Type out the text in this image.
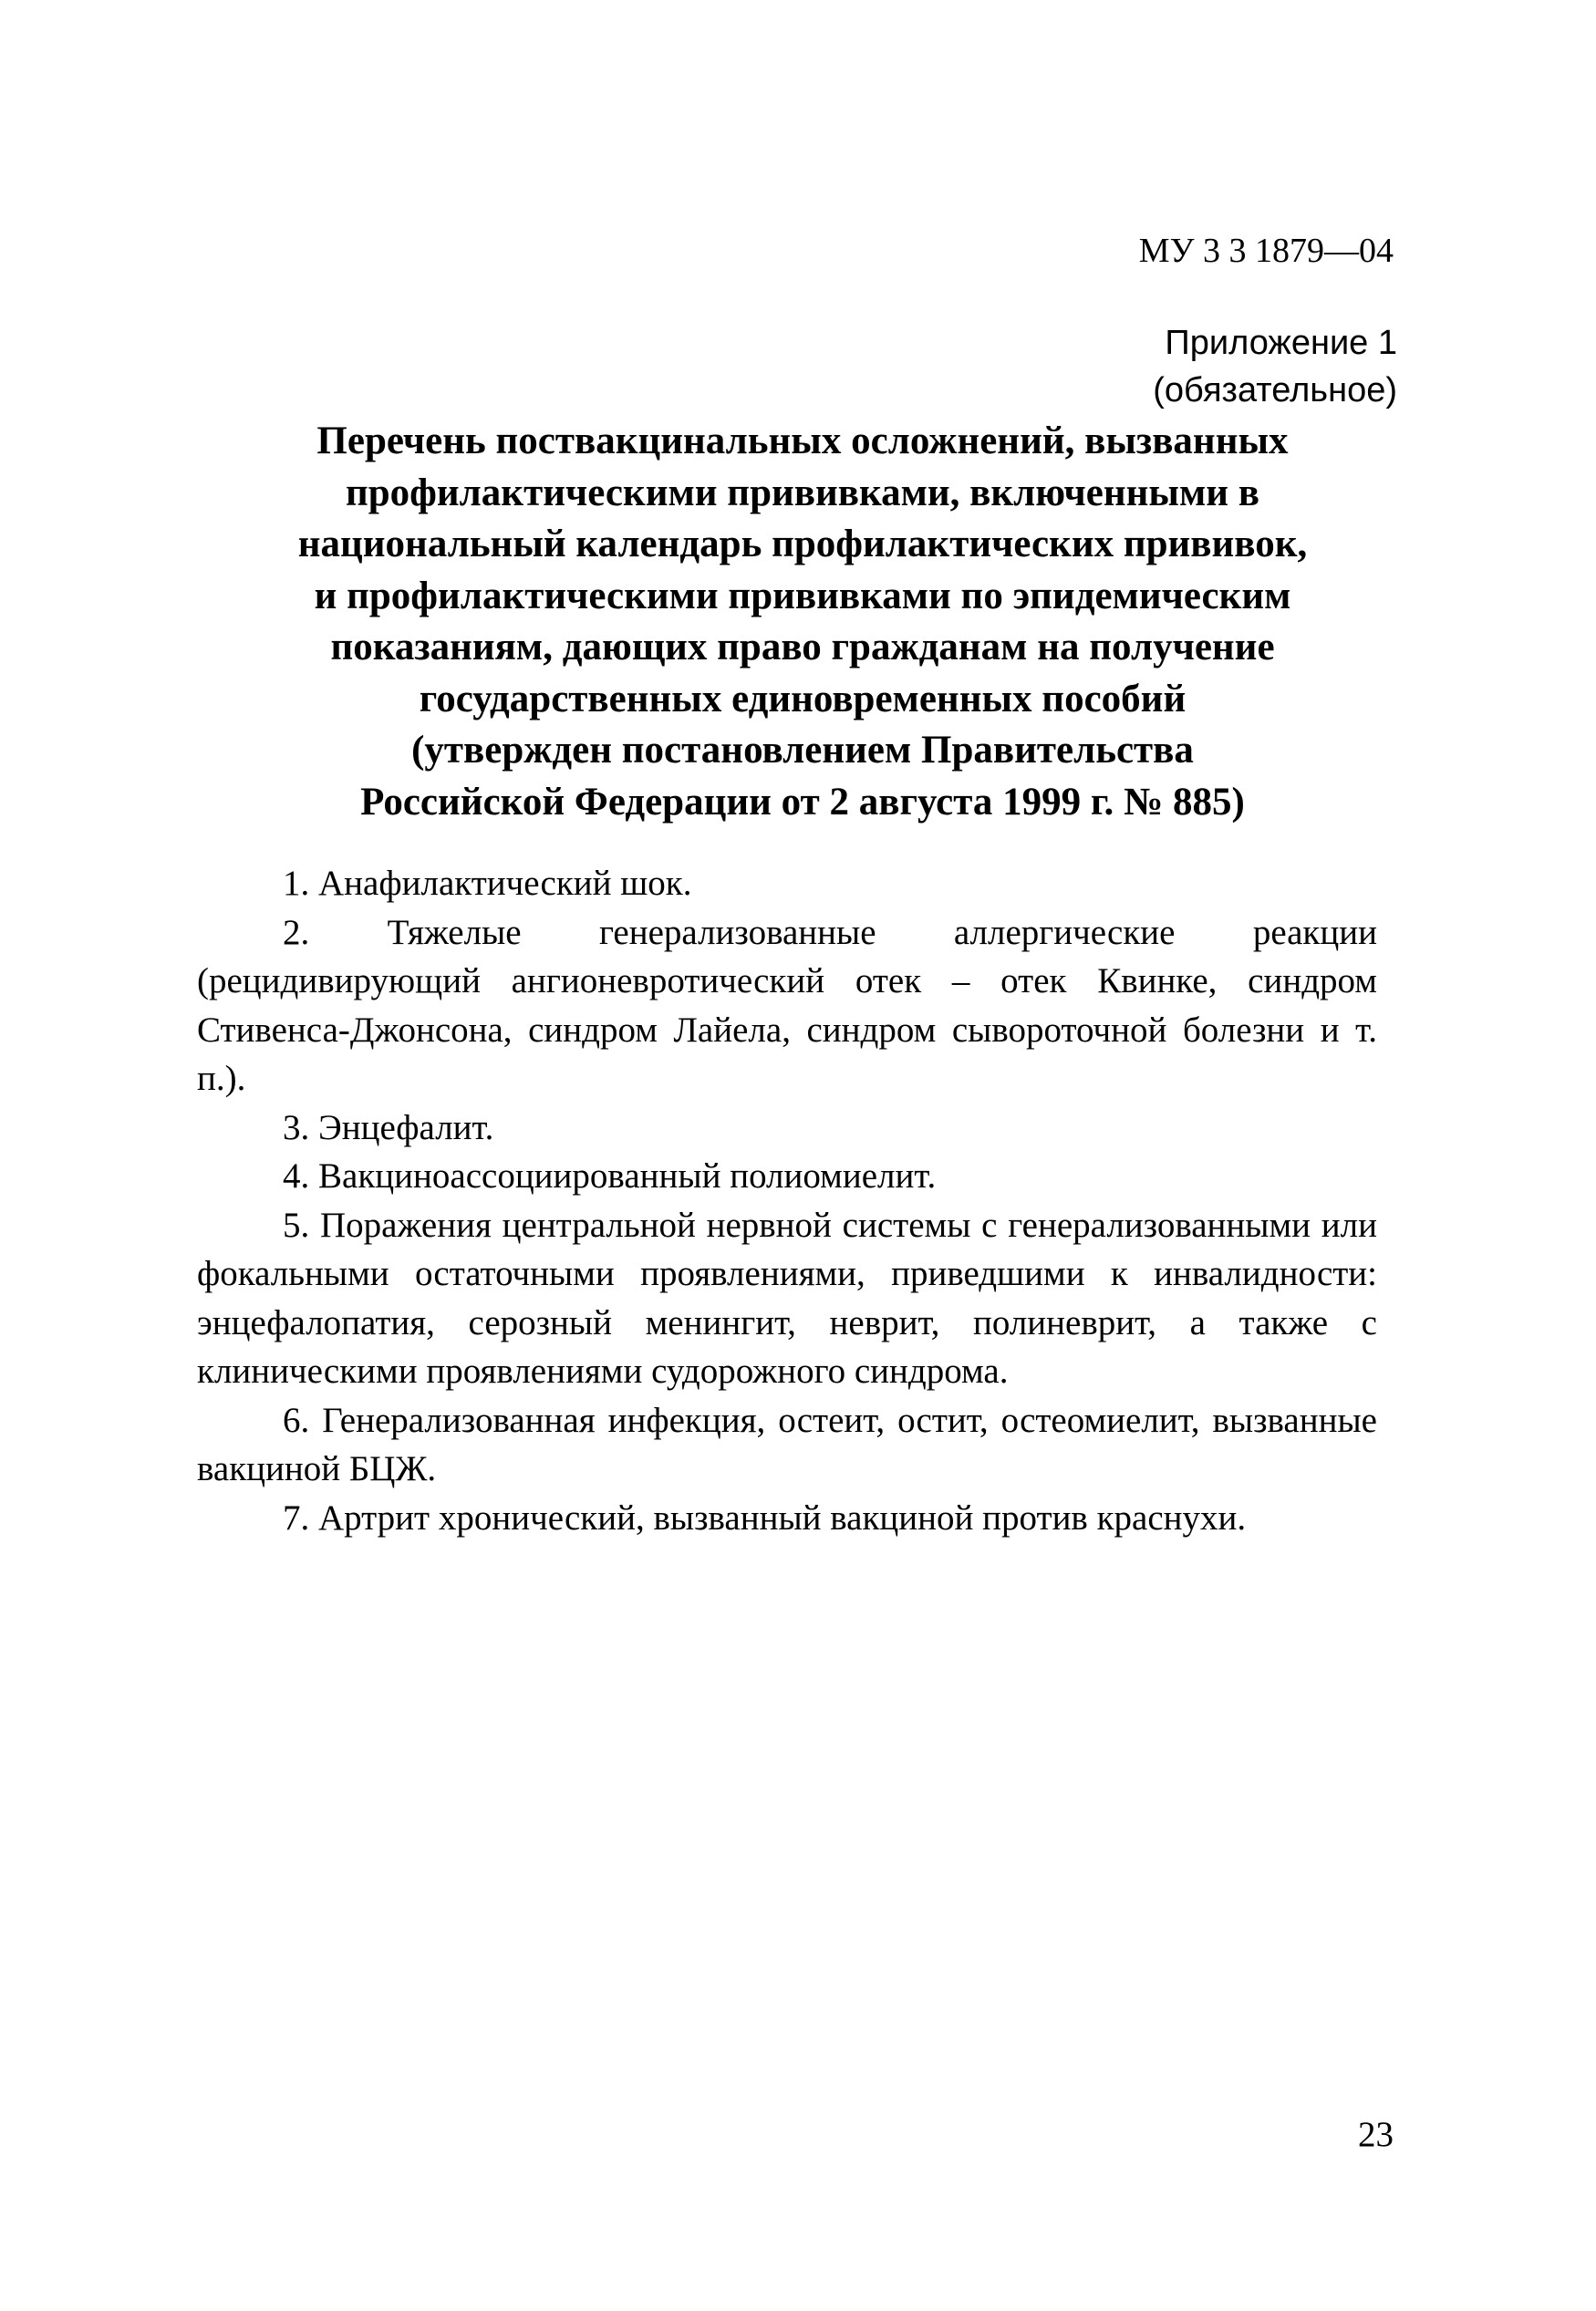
МУ 3 3 1879—04
Приложение 1
(обязательное)
Перечень поствакцинальных осложнений, вызванных
профилактическими прививками, включенными в
национальный календарь профилактических прививок,
и профилактическими прививками по эпидемическим
показаниям, дающих право гражданам на получение
государственных единовременных пособий
(утвержден постановлением Правительства
Российской Федерации от 2 августа 1999 г. № 885)

1. Анафилактический шок.

2. Тяжелые генерализованные аллергические реакции (рецидивирующий ангионевротический отек – отек Квинке, синдром Стивенса-Джонсона, синдром Лайела, синдром сывороточной болезни и т. п.).

3. Энцефалит.

4. Вакциноассоциированный полиомиелит.

5. Поражения центральной нервной системы с генерализованными или фокальными остаточными проявлениями, приведшими к инвалидности: энцефалопатия, серозный менингит, неврит, полиневрит, а также с клиническими проявлениями судорожного синдрома.

6. Генерализованная инфекция, остеит, остит, остеомиелит, вызванные вакциной БЦЖ.

7. Артрит хронический, вызванный вакциной против краснухи.

23
